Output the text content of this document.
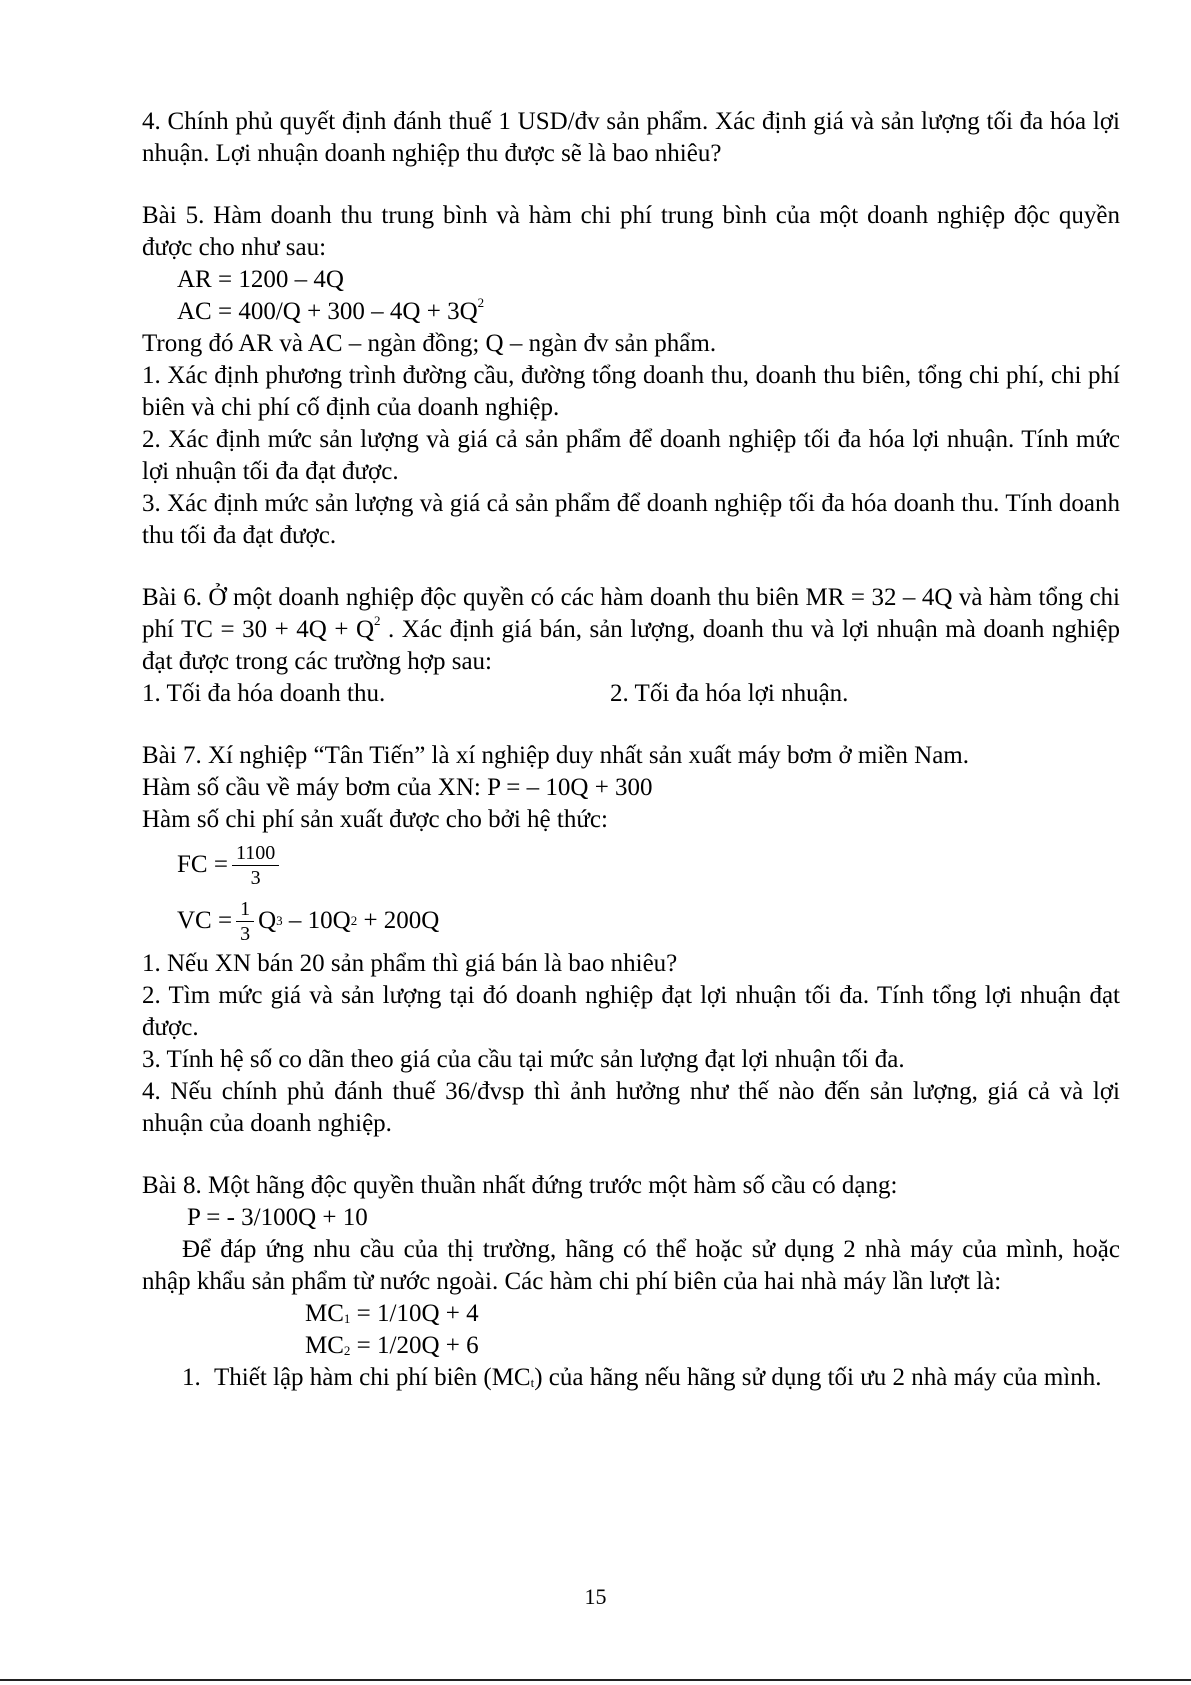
4. Chính phủ quyết định đánh thuế 1 USD/đv sản phẩm. Xác định giá và sản lượng tối đa hóa lợi nhuận. Lợi nhuận doanh nghiệp thu được sẽ là bao nhiêu?

Bài 5. Hàm doanh thu trung bình và hàm chi phí trung bình của một doanh nghiệp độc quyền được cho như sau:

AR = 1200 – 4Q

AC = $400/Q + 300 - 4Q + 3Q^2$

Trong đó AR và AC – ngàn đồng; Q – ngàn đv sản phẩm.

1. Xác định phương trình đường cầu, đường tổng doanh thu, doanh thu biên, tổng chi phí, chi phí biên và chi phí cố định của doanh nghiệp.

2. Xác định mức sản lượng và giá cả sản phẩm để doanh nghiệp tối đa hóa lợi nhuận. Tính mức lợi nhuận tối đa đạt được.

3. Xác định mức sản lượng và giá cả sản phẩm để doanh nghiệp tối đa hóa doanh thu. Tính doanh thu tối đa đạt được.

Bài 6. Ở một doanh nghiệp độc quyền có các hàm doanh thu biên MR = 32 – 4Q và hàm tổng chi phí TC = $30 + 4Q + Q^2$ . Xác định giá bán, sản lượng, doanh thu và lợi nhuận mà doanh nghiệp đạt được trong các trường hợp sau:

1. Tối đa hóa doanh thu.	2. Tối đa hóa lợi nhuận.

Bài 7. Xí nghiệp “Tân Tiến” là xí nghiệp duy nhất sản xuất máy bơm ở miền Nam.

Hàm số cầu về máy bơm của XN: P = – 10Q + 300

Hàm số chi phí sản xuất được cho bởi hệ thức:

FC = $\frac{1100}{3}$
VC = $\frac{1}{3}$ Q 3 – 10Q 2 + 200Q

1. Nếu XN bán 20 sản phẩm thì giá bán là bao nhiêu?

2. Tìm mức giá và sản lượng tại đó doanh nghiệp đạt lợi nhuận tối đa. Tính tổng lợi nhuận đạt được.

3. Tính hệ số co dãn theo giá của cầu tại mức sản lượng đạt lợi nhuận tối đa.

4. Nếu chính phủ đánh thuế 36/đvsp thì ảnh hưởng như thế nào đến sản lượng, giá cả và lợi nhuận của doanh nghiệp.

Bài 8. Một hãng độc quyền thuần nhất đứng trước một hàm số cầu có dạng:

P = - 3/100Q + 10

Để đáp ứng nhu cầu của thị trường, hãng có thể hoặc sử dụng 2 nhà máy của mình, hoặc nhập khẩu sản phẩm từ nước ngoài. Các hàm chi phí biên của hai nhà máy lần lượt là:

$MC_1 = 1/10Q + 4$

$MC_2 = 1/20Q + 6$

1. Thiết lập hàm chi phí biên $(MC_t)$ của hãng nếu hãng sử dụng tối ưu 2 nhà máy của mình.
15
